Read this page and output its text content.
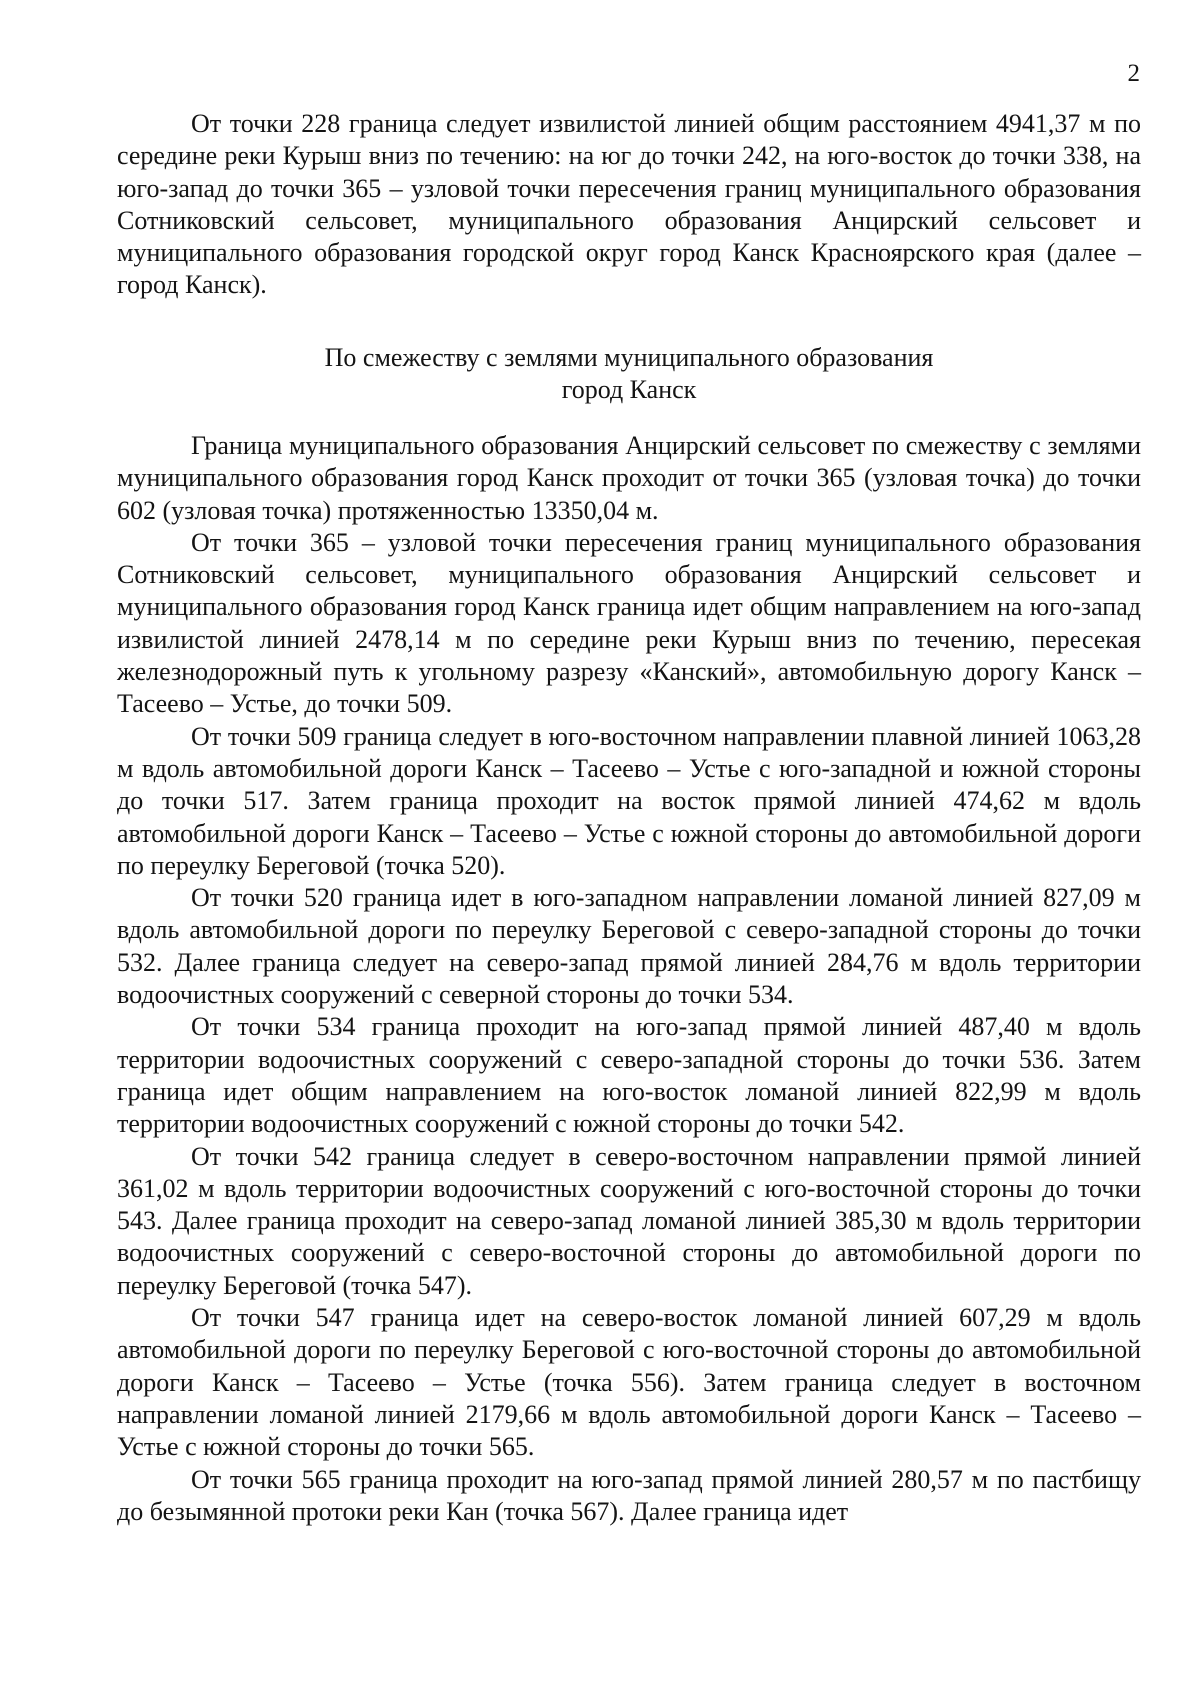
2

От точки 228 граница следует извилистой линией общим расстоянием 4941,37 м по середине реки Курыш вниз по течению: на юг до точки 242, на юго-восток до точки 338, на юго-запад до точки 365 – узловой точки пересечения границ муниципального образования Сотниковский сельсовет, муниципального образования Анцирский сельсовет и муниципального образования городской округ город Канск Красноярского края (далее – город Канск).

По смежеству с землями муниципального образования
город Канск

Граница муниципального образования Анцирский сельсовет по смежеству с землями муниципального образования город Канск проходит от точки 365 (узловая точка) до точки 602 (узловая точка) протяженностью 13350,04 м.

От точки 365 – узловой точки пересечения границ муниципального образования Сотниковский сельсовет, муниципального образования Анцирский сельсовет и муниципального образования город Канск граница идет общим направлением на юго-запад извилистой линией 2478,14 м по середине реки Курыш вниз по течению, пересекая железнодорожный путь к угольному разрезу «Канский», автомобильную дорогу Канск – Тасеево – Устье, до точки 509.

От точки 509 граница следует в юго-восточном направлении плавной линией 1063,28 м вдоль автомобильной дороги Канск – Тасеево – Устье с юго-западной и южной стороны до точки 517. Затем граница проходит на восток прямой линией 474,62 м вдоль автомобильной дороги Канск – Тасеево – Устье с южной стороны до автомобильной дороги по переулку Береговой (точка 520).

От точки 520 граница идет в юго-западном направлении ломаной линией 827,09 м вдоль автомобильной дороги по переулку Береговой с северо-западной стороны до точки 532. Далее граница следует на северо-запад прямой линией 284,76 м вдоль территории водоочистных сооружений с северной стороны до точки 534.

От точки 534 граница проходит на юго-запад прямой линией 487,40 м вдоль территории водоочистных сооружений с северо-западной стороны до точки 536. Затем граница идет общим направлением на юго-восток ломаной линией 822,99 м вдоль территории водоочистных сооружений с южной стороны до точки 542.

От точки 542 граница следует в северо-восточном направлении прямой линией 361,02 м вдоль территории водоочистных сооружений с юго-восточной стороны до точки 543. Далее граница проходит на северо-запад ломаной линией 385,30 м вдоль территории водоочистных сооружений с северо-восточной стороны до автомобильной дороги по переулку Береговой (точка 547).

От точки 547 граница идет на северо-восток ломаной линией 607,29 м вдоль автомобильной дороги по переулку Береговой с юго-восточной стороны до автомобильной дороги Канск – Тасеево – Устье (точка 556). Затем граница следует в восточном направлении ломаной линией 2179,66 м вдоль автомобильной дороги Канск – Тасеево – Устье с южной стороны до точки 565.

От точки 565 граница проходит на юго-запад прямой линией 280,57 м по пастбищу до безымянной протоки реки Кан (точка 567). Далее граница идет
